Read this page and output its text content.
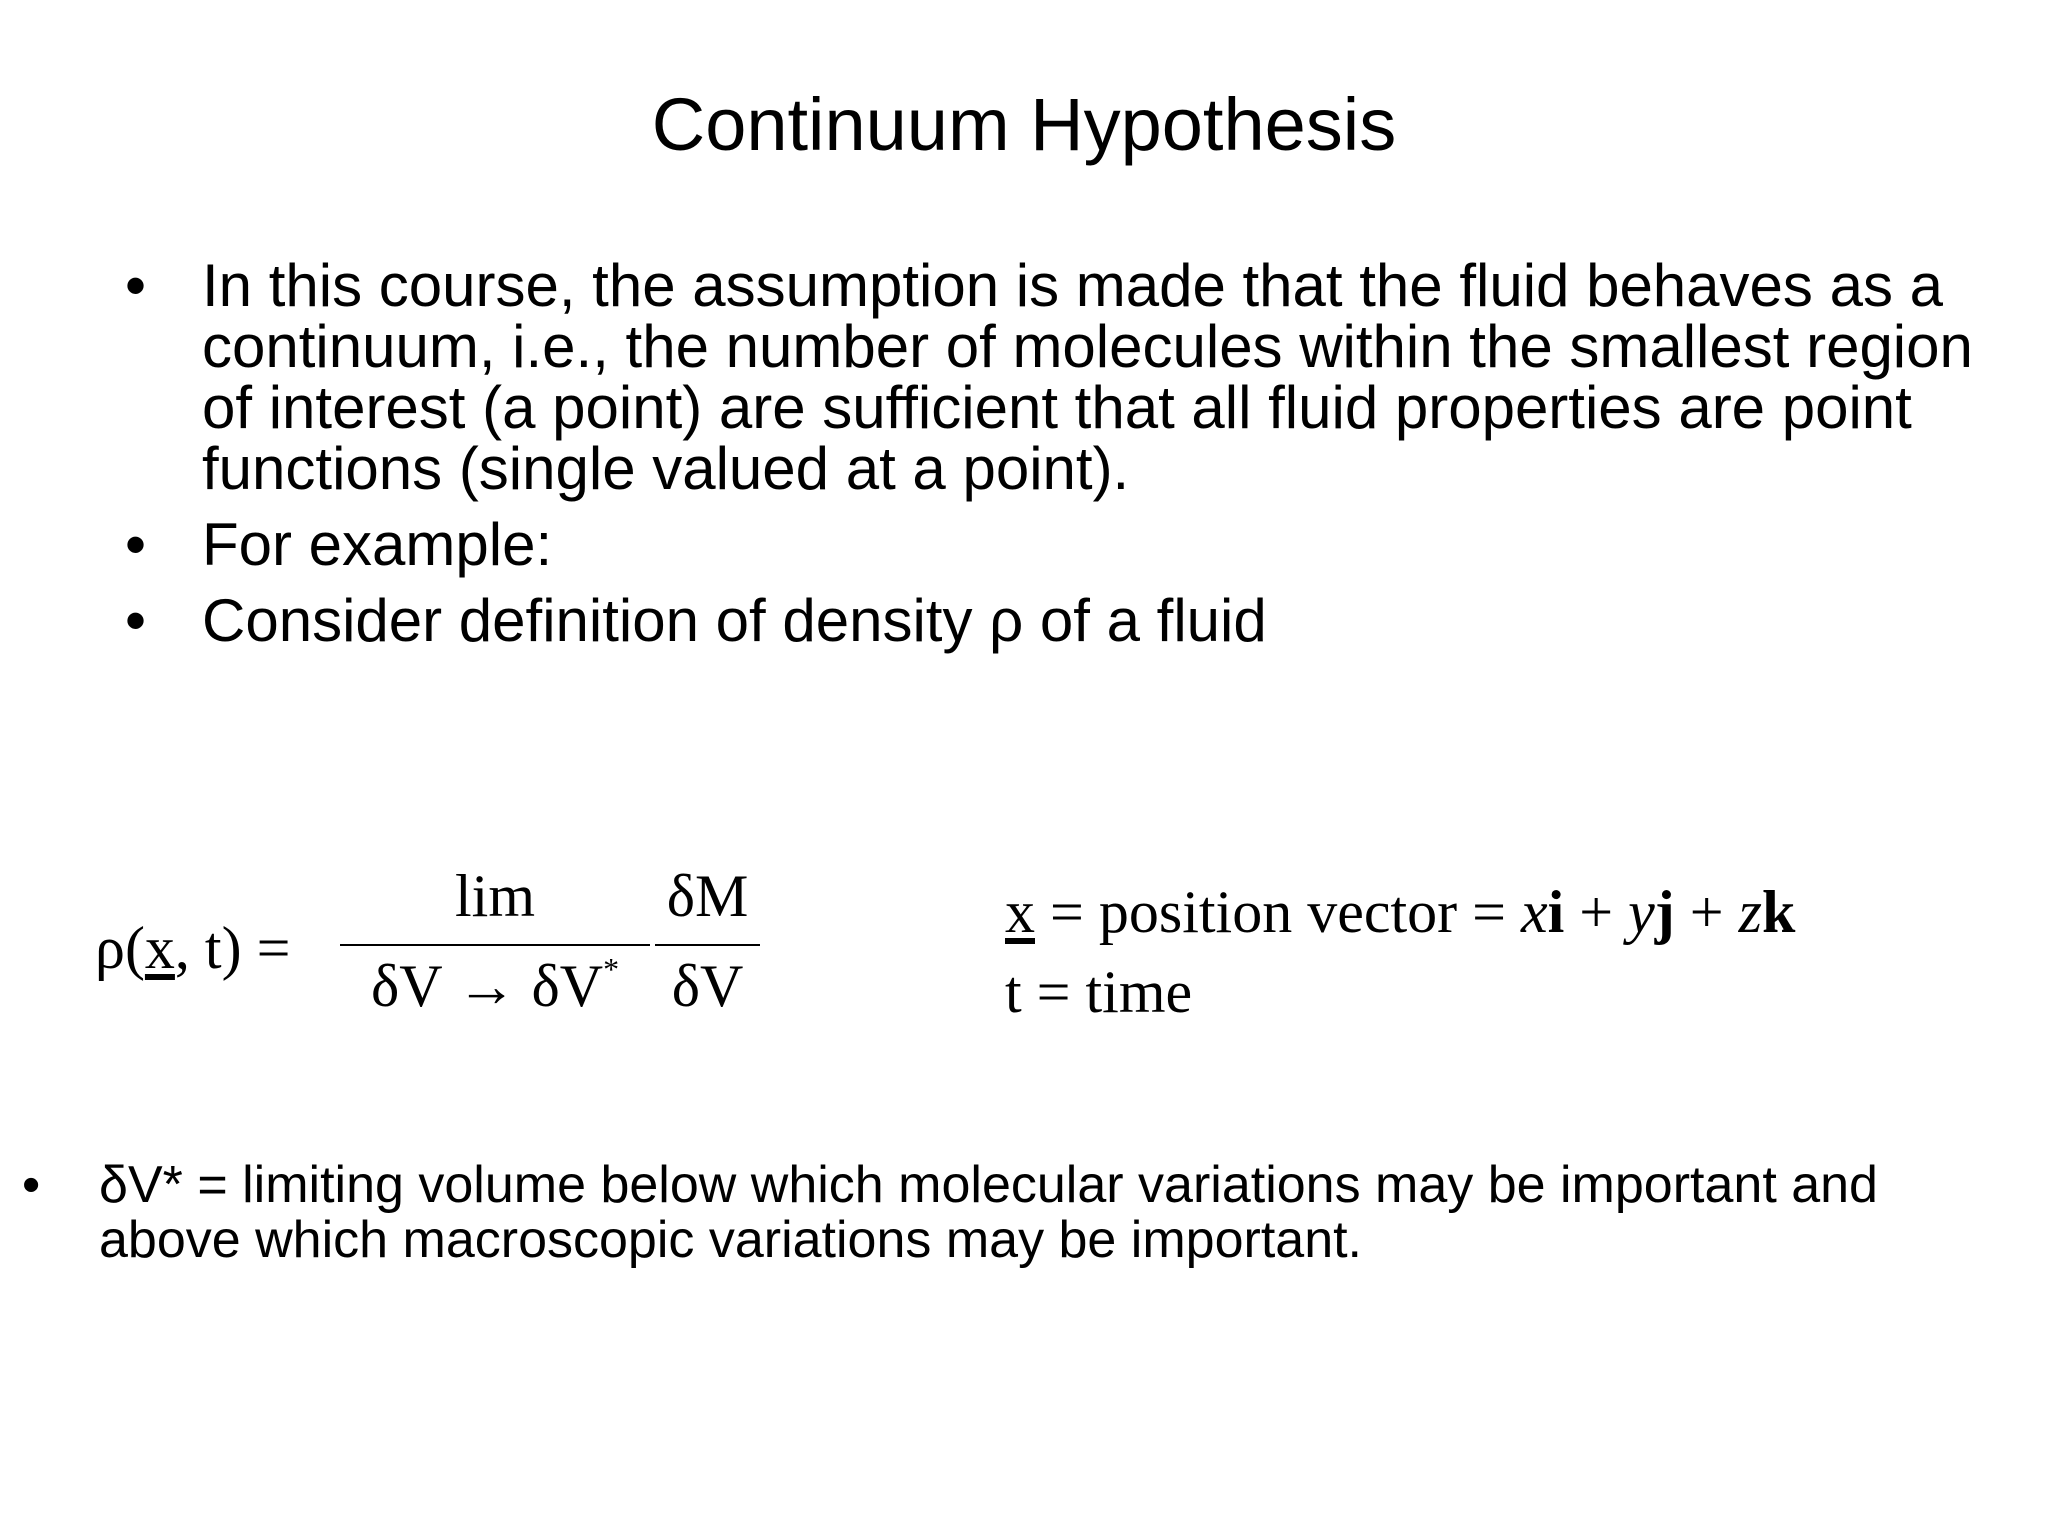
Continuum Hypothesis
• In this course, the assumption is made that the fluid behaves as a continuum, i.e., the number of molecules within the smallest region of interest (a point) are sufficient that all fluid properties are point functions (single valued at a point).
• For example:
• Consider definition of density ρ of a fluid
ρ(x, t) =
lim
δV → δV*
δM
δV
x = position vector = xi + yj + zk
t = time
•	δV* = limiting volume below which molecular variations may be important and above which macroscopic variations may be important.
